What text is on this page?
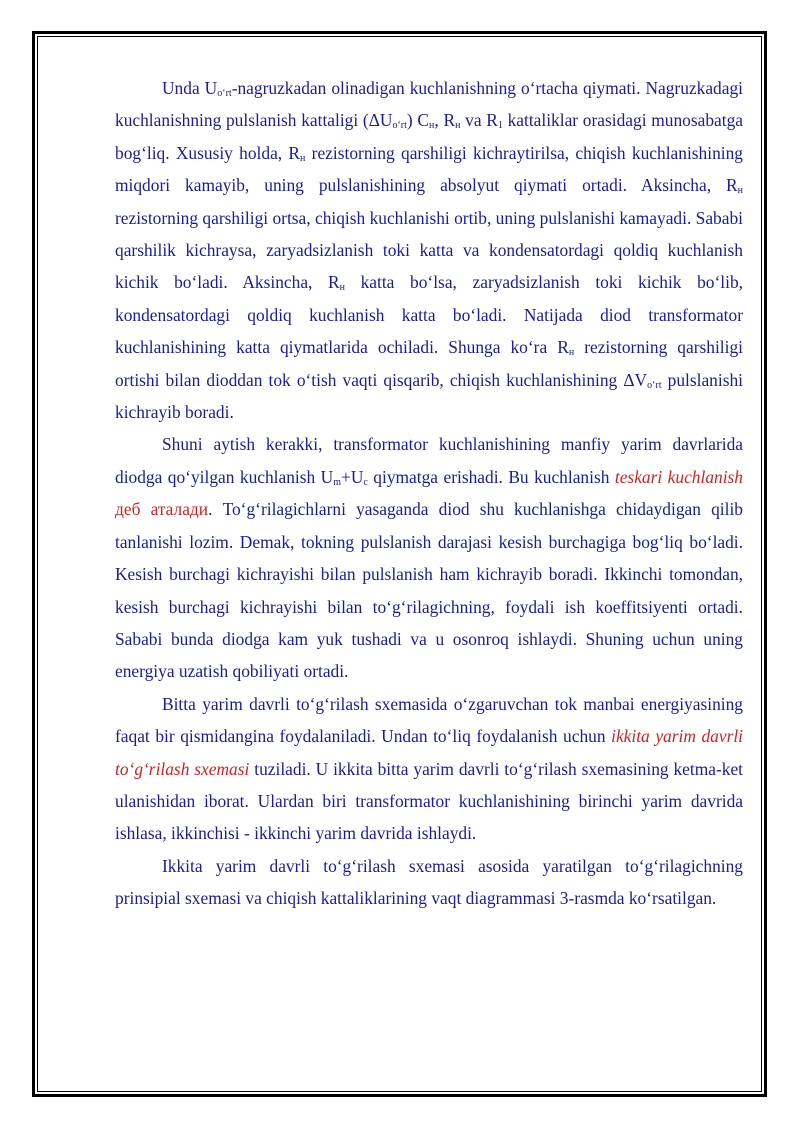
Unda $U_{o‘rt}$-nagruzkadan olinadigan kuchlanishning o‘rtacha qiymati. Nagruzkadagi kuchlanishning pulslanish kattaligi $(\Delta U_{o‘rt})$ $C_н$, $R_н$ va $R_1$ kattaliklar orasidagi munosabatga bog‘liq. Xususiy holda, $R_н$ rezistorning qarshiligi kichraytirilsa, chiqish kuchlanishining miqdori kamayib, uning pulslanishining absolyut qiymati ortadi. Aksincha, $R_н$ rezistorning qarshiligi ortsa, chiqish kuchlanishi ortib, uning pulslanishi kamayadi. Sababi qarshilik kichraysa, zaryadsizlanish toki katta va kondensatordagi qoldiq kuchlanish kichik bo‘ladi. Aksincha, $R_н$ katta bo‘lsa, zaryadsizlanish toki kichik bo‘lib, kondensatordagi qoldiq kuchlanish katta bo‘ladi. Natijada diod transformator kuchlanishining katta qiymatlarida ochiladi. Shunga ko‘ra $R_н$ rezistorning qarshiligi ortishi bilan dioddan tok o‘tish vaqti qisqarib, chiqish kuchlanishining $\Delta V_{o‘rt}$ pulslanishi kichrayib boradi.

Shuni aytish kerakki, transformator kuchlanishining manfiy yarim davrlarida diodga qo‘yilgan kuchlanish $U_m+U_c$ qiymatga erishadi. Bu kuchlanish teskari kuchlanish деб аталади. To‘g‘rilagichlarni yasaganda diod shu kuchlanishga chidaydigan qilib tanlanishi lozim. Demak, tokning pulslanish darajasi kesish burchagiga bog‘liq bo‘ladi. Kesish burchagi kichrayishi bilan pulslanish ham kichrayib boradi. Ikkinchi tomondan, kesish burchagi kichrayishi bilan to‘g‘rilagichning, foydali ish koeffitsiyenti ortadi. Sababi bunda diodga kam yuk tushadi va u osonroq ishlaydi. Shuning uchun uning energiya uzatish qobiliyati ortadi.

Bitta yarim davrli to‘g‘rilash sxemasida o‘zgaruvchan tok manbai energiyasining faqat bir qismidangina foydalaniladi. Undan to‘liq foydalanish uchun ikkita yarim davrli to‘g‘rilash sxemasi tuziladi. U ikkita bitta yarim davrli to‘g‘rilash sxemasining ketma-ket ulanishidan iborat. Ulardan biri transformator kuchlanishining birinchi yarim davrida ishlasa, ikkinchisi - ikkinchi yarim davrida ishlaydi.

Ikkita yarim davrli to‘g‘rilash sxemasi asosida yaratilgan to‘g‘rilagichning prinsipial sxemasi va chiqish kattaliklarining vaqt diagrammasi 3-rasmda ko‘rsatilgan.
